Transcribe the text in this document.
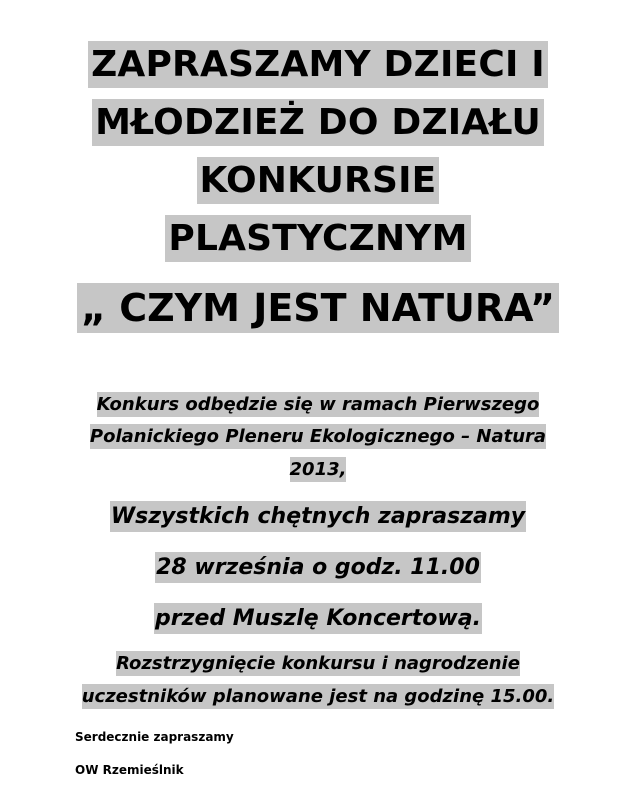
ZAPRASZAMY DZIECI I
MŁODZIEŻ DO DZIAŁU
KONKURSIE
PLASTYCZNYM
„ CZYM JEST NATURA”
Konkurs odbędzie się w ramach Pierwszego
Polanickiego Pleneru Ekologicznego – Natura
2013,
Wszystkich chętnych zapraszamy
28 września o godz. 11.00
przed Muszlę Koncertową.
Rozstrzygnięcie konkursu i nagrodzenie
uczestników planowane jest na godzinę 15.00.
Serdecznie zapraszamy
OW Rzemieślnik
